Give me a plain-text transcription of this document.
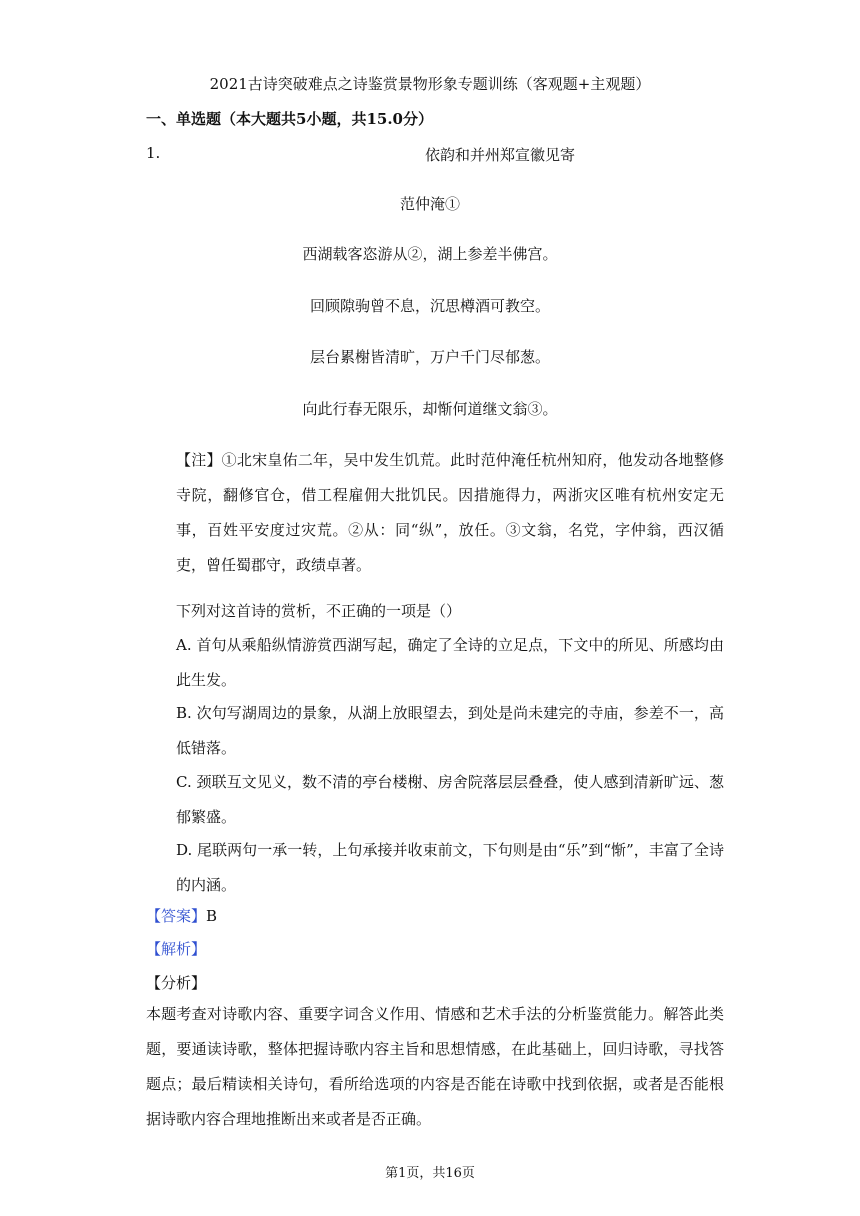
2021古诗突破难点之诗鉴赏景物形象专题训练（客观题+主观题）
一、单选题（本大题共5小题，共15.0分）
1.	依韵和并州郑宣徽见寄
范仲淹①
西湖载客恣游从②，湖上参差半佛宫。
回顾隙驹曾不息，沉思樽酒可教空。
层台累榭皆清旷，万户千门尽郁葱。
向此行春无限乐，却惭何道继文翁③。
【注】①北宋皇佑二年，吴中发生饥荒。此时范仲淹任杭州知府，他发动各地整修寺院，翻修官仓，借工程雇佣大批饥民。因措施得力，两浙灾区唯有杭州安定无事，百姓平安度过灾荒。②从：同“纵”，放任。③文翁，名党，字仲翁，西汉循吏，曾任蜀郡守，政绩卓著。
下列对这首诗的赏析，不正确的一项是（）
A. 首句从乘船纵情游赏西湖写起，确定了全诗的立足点，下文中的所见、所感均由此生发。
B. 次句写湖周边的景象，从湖上放眼望去，到处是尚未建完的寺庙，参差不一，高低错落。
C. 颈联互文见义，数不清的亭台楼榭、房舍院落层层叠叠，使人感到清新旷远、葱郁繁盛。
D. 尾联两句一承一转，上句承接并收束前文，下句则是由“乐”到“惭”，丰富了全诗的内涵。
【答案】B
【解析】
【分析】
本题考查对诗歌内容、重要字词含义作用、情感和艺术手法的分析鉴赏能力。解答此类题，要通读诗歌，整体把握诗歌内容主旨和思想情感，在此基础上，回归诗歌，寻找答题点；最后精读相关诗句，看所给选项的内容是否能在诗歌中找到依据，或者是否能根据诗歌内容合理地推断出来或者是否正确。
第1页，共16页
